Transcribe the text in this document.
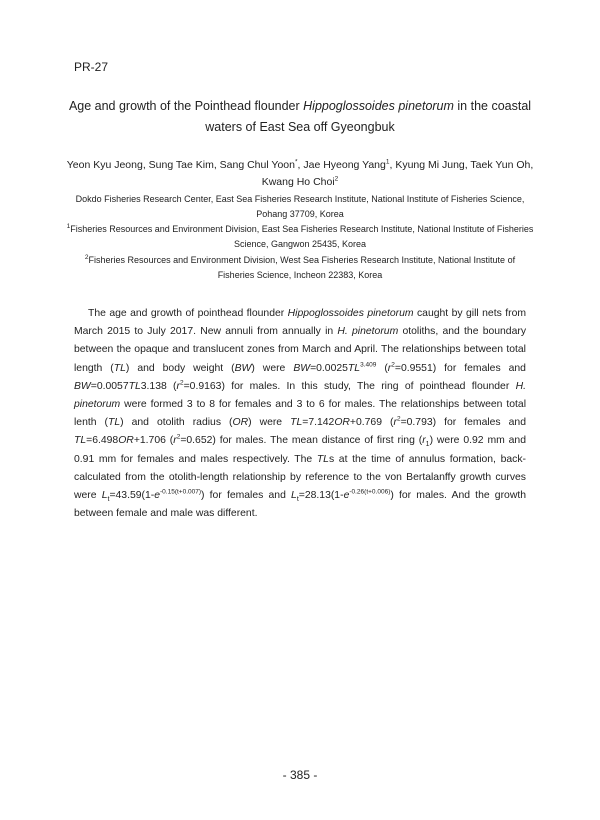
PR-27
Age and growth of the Pointhead flounder Hippoglossoides pinetorum in the coastal waters of East Sea off Gyeongbuk
Yeon Kyu Jeong, Sung Tae Kim, Sang Chul Yoon*, Jae Hyeong Yang$^1$, Kyung Mi Jung, Taek Yun Oh, Kwang Ho Choi$^2$
Dokdo Fisheries Research Center, East Sea Fisheries Research Institute, National Institute of Fisheries Science, Pohang 37709, Korea
$^1$Fisheries Resources and Environment Division, East Sea Fisheries Research Institute, National Institute of Fisheries Science, Gangwon 25435, Korea
$^2$Fisheries Resources and Environment Division, West Sea Fisheries Research Institute, National Institute of Fisheries Science, Incheon 22383, Korea

The age and growth of pointhead flounder Hippoglossoides pinetorum caught by gill nets from March 2015 to July 2017. New annuli from annually in H. pinetorum otoliths, and the boundary between the opaque and translucent zones from March and April. The relationships between total length (TL) and body weight (BW) were $BW=0.0025TL^{3.409}$ $(r^2=0.9551)$ for females and BW=0.0057TL3.138 $(r^2=0.9163)$ for males. In this study, The ring of pointhead flounder H. pinetorum were formed 3 to 8 for females and 3 to 6 for males. The relationships between total lenth (TL) and otolith radius (OR) were TL=7.142OR+0.769 $(r^2=0.793)$ for females and TL=6.498OR+1.706 $(r^2=0.652)$ for males. The mean distance of first ring $(r_1)$ were 0.92 mm and 0.91 mm for females and males respectively. The TLs at the time of annulus formation, back-calculated from the otolith-length relationship by reference to the von Bertalanffy growth curves were $L_t=43.59(1-e^{-0.15(t+0.007)})$ for females and $L_t=28.13(1-e^{-0.26(t+0.006)})$ for males. And the growth between female and male was different.

- 385 -
